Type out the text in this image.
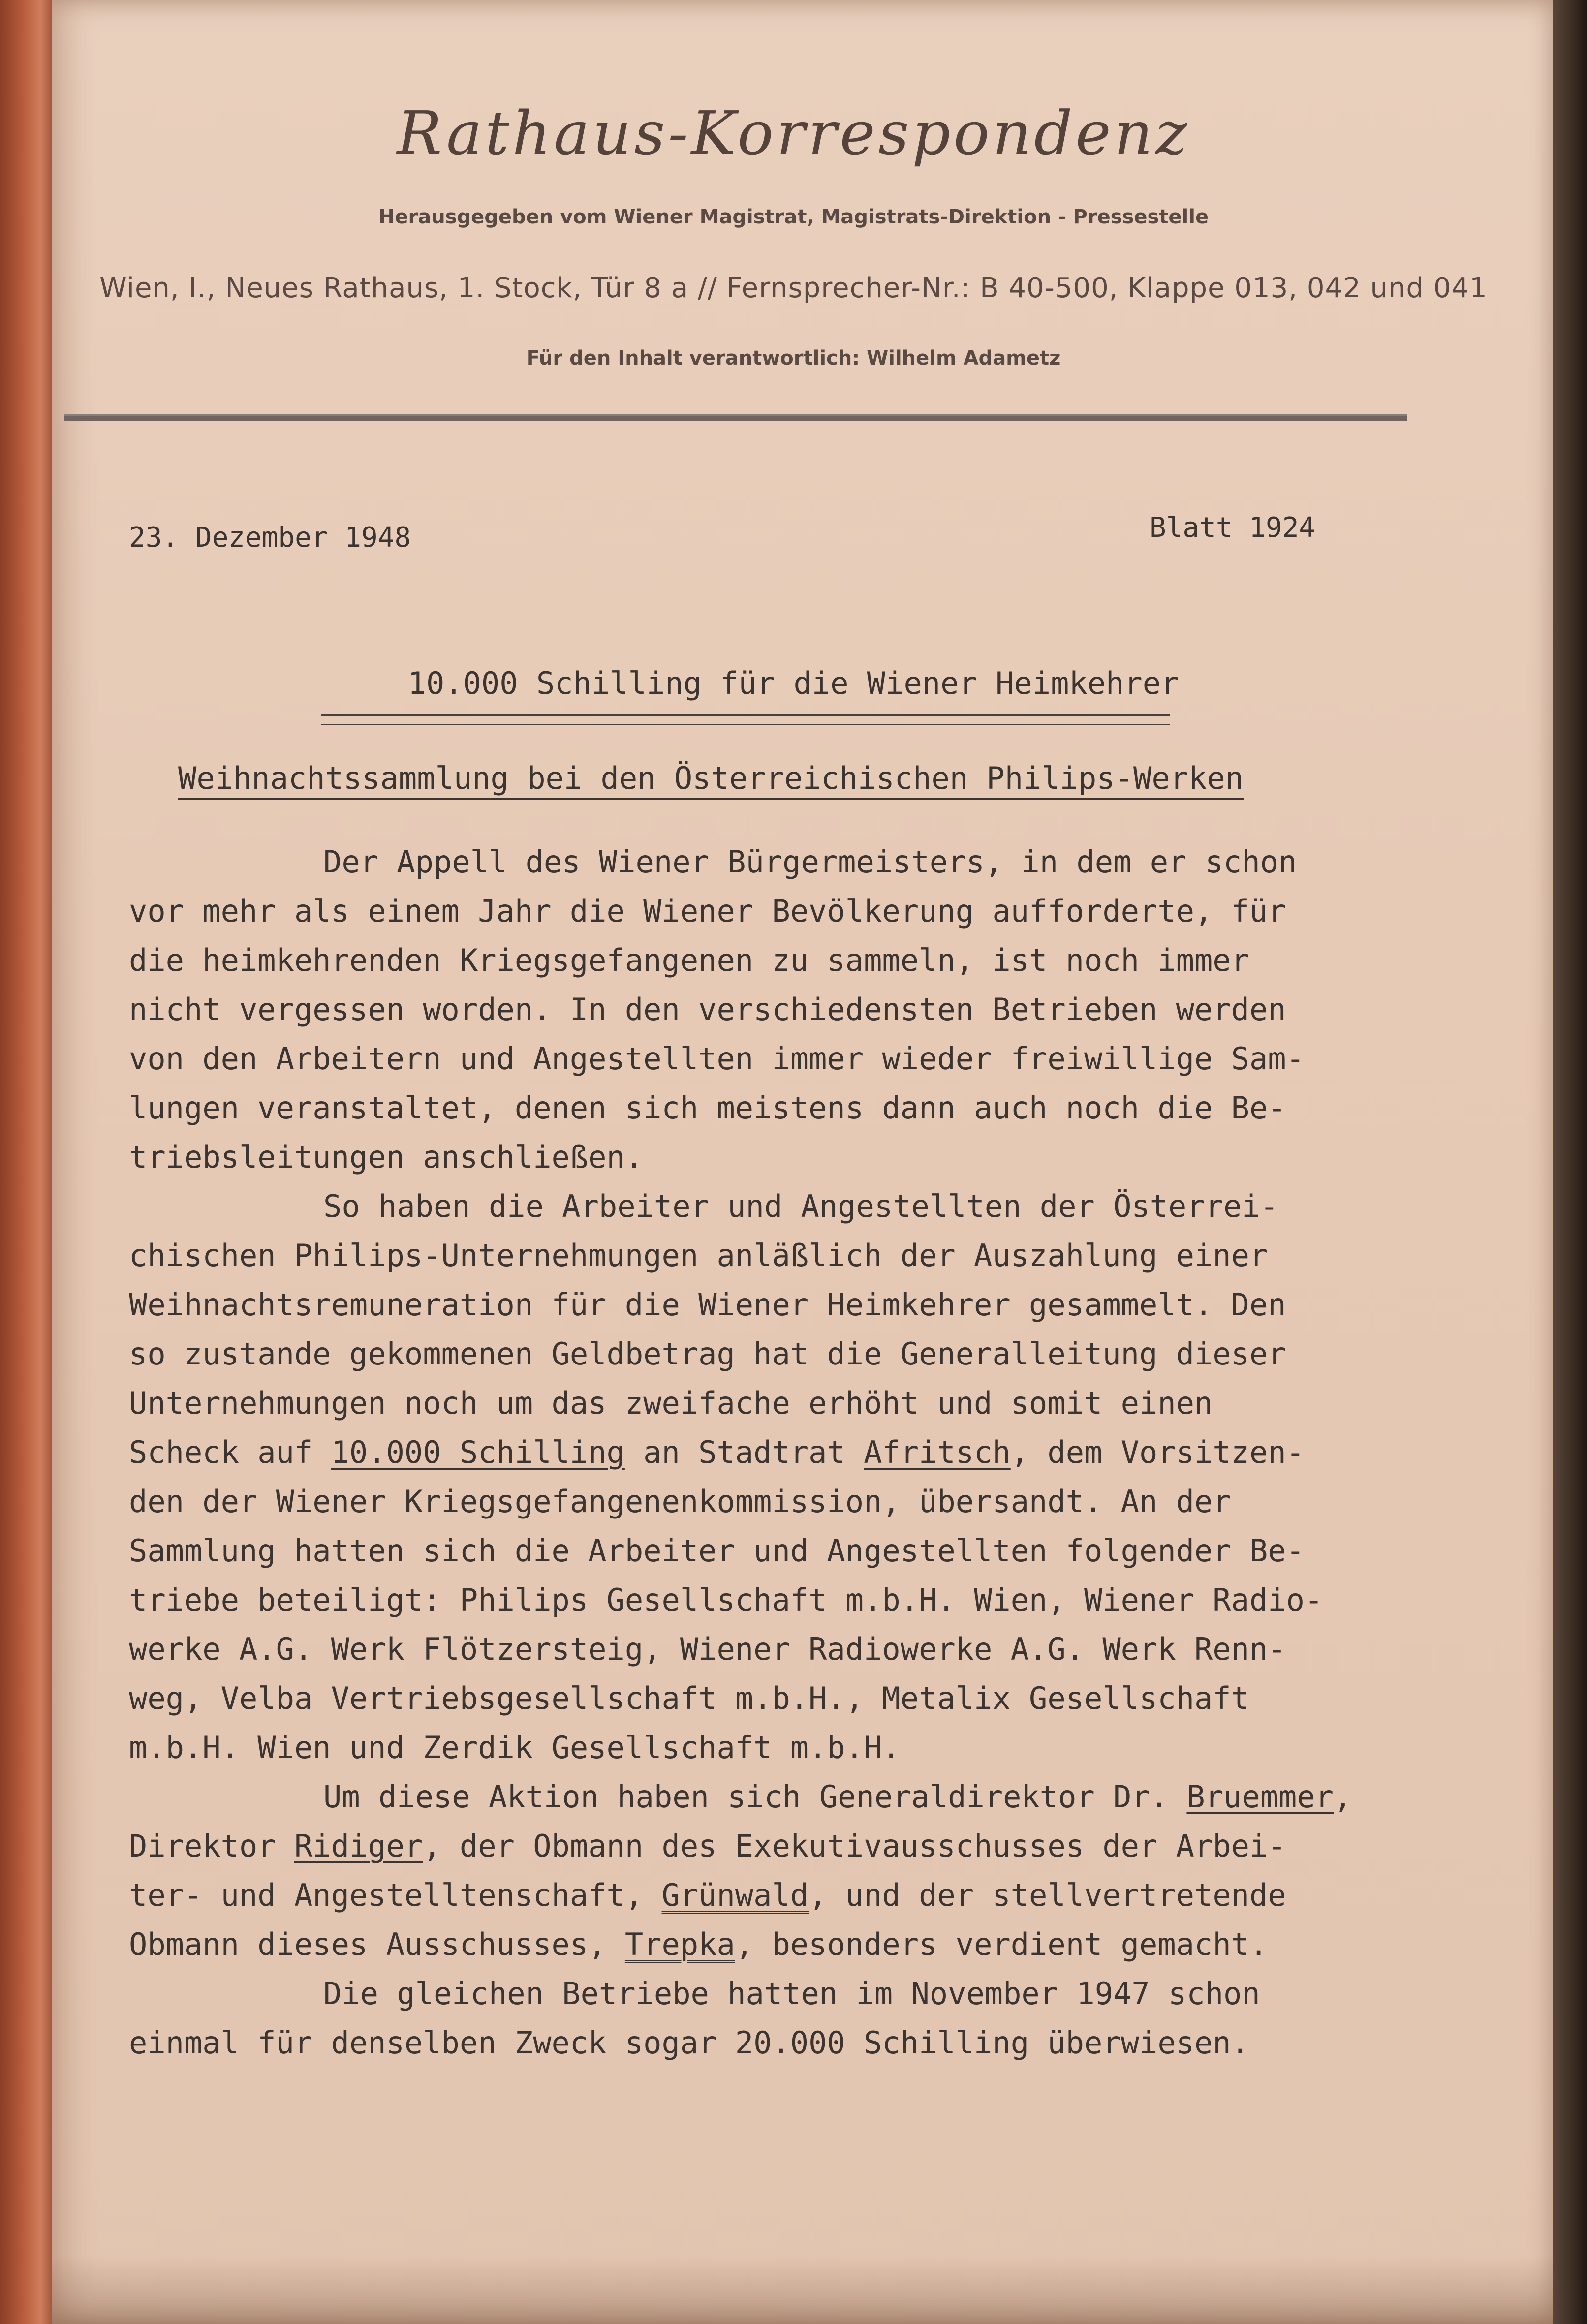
Rathaus-Korrespondenz
Herausgegeben vom Wiener Magistrat, Magistrats-Direktion - Pressestelle
Wien, I., Neues Rathaus, 1. Stock, Tür 8 a // Fernsprecher-Nr.: B 40-500, Klappe 013, 042 und 041
Für den Inhalt verantwortlich: Wilhelm Adametz
23. Dezember 1948	Blatt 1924
10.000 Schilling für die Wiener Heimkehrer
Weihnachtssammlung bei den Österreichischen Philips-Werken
Der Appell des Wiener Bürgermeisters, in dem er schon
vor mehr als einem Jahr die Wiener Bevölkerung aufforderte, für
die heimkehrenden Kriegsgefangenen zu sammeln, ist noch immer
nicht vergessen worden. In den verschiedensten Betrieben werden
von den Arbeitern und Angestellten immer wieder freiwillige Sam-
lungen veranstaltet, denen sich meistens dann auch noch die Be-
triebsleitungen anschließen.
So haben die Arbeiter und Angestellten der Österrei-
chischen Philips-Unternehmungen anläßlich der Auszahlung einer
Weihnachtsremuneration für die Wiener Heimkehrer gesammelt. Den
so zustande gekommenen Geldbetrag hat die Generalleitung dieser
Unternehmungen noch um das zweifache erhöht und somit einen
Scheck auf 10.000 Schilling an Stadtrat Afritsch, dem Vorsitzen-
den der Wiener Kriegsgefangenenkommission, übersandt. An der
Sammlung hatten sich die Arbeiter und Angestellten folgender Be-
triebe beteiligt: Philips Gesellschaft m.b.H. Wien, Wiener Radio-
werke A.G. Werk Flötzersteig, Wiener Radiowerke A.G. Werk Renn-
weg, Velba Vertriebsgesellschaft m.b.H., Metalix Gesellschaft
m.b.H. Wien und Zerdik Gesellschaft m.b.H.
Um diese Aktion haben sich Generaldirektor Dr. Bruemmer,
Direktor Ridiger, der Obmann des Exekutivausschusses der Arbei-
ter- und Angestelltenschaft, Grünwald, und der stellvertretende
Obmann dieses Ausschusses, Trepka, besonders verdient gemacht.
Die gleichen Betriebe hatten im November 1947 schon
einmal für denselben Zweck sogar 20.000 Schilling überwiesen.
